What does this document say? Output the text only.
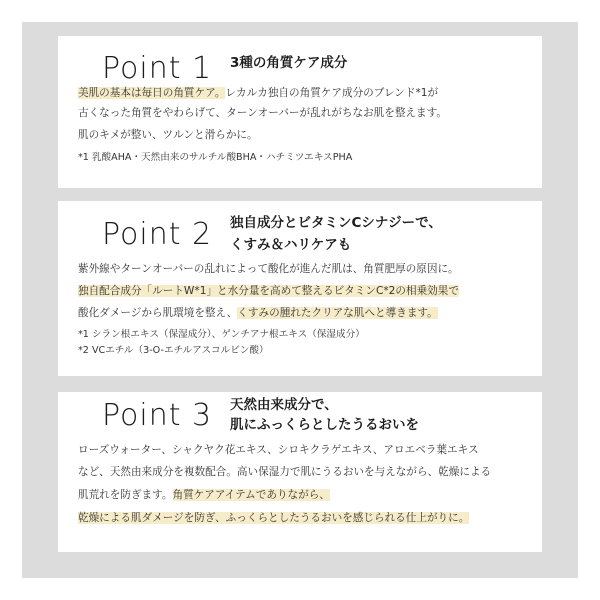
Point 1 3種の角質ケア成分
美肌の基本は毎日の角質ケア。レカルカ独自の角質ケア成分のブレンド*1が
古くなった角質をやわらげて、ターンオーバーが乱れがちなお肌を整えます。
肌のキメが整い、ツルンと滑らかに。
*1 乳酸AHA・天然由来のサルチル酸BHA・ハチミツエキスPHA
Point 2 独自成分とビタミンCシナジーで、
くすみ＆ハリケアも
紫外線やターンオーバーの乱れによって酸化が進んだ肌は、角質肥厚の原因に。
独自配合成分「ルートW*1」と水分量を高めて整えるビタミンC*2の相乗効果で
酸化ダメージから肌環境を整え、くすみの腫れたクリアな肌へと導きます。
*1 シラン根エキス（保湿成分）、ゲンチアナ根エキス（保湿成分）
*2 VCエチル（3-O-エチルアスコルビン酸）
Point 3 天然由来成分で、
肌にふっくらとしたうるおいを
ローズウォーター、シャクヤク花エキス、シロキクラゲエキス、アロエベラ葉エキス
など、天然由来成分を複数配合。高い保湿力で肌にうるおいを与えながら、乾燥による
肌荒れを防ぎます。角質ケアアイテムでありながら、
乾燥による肌ダメージを防ぎ、ふっくらとしたうるおいを感じられる仕上がりに。
